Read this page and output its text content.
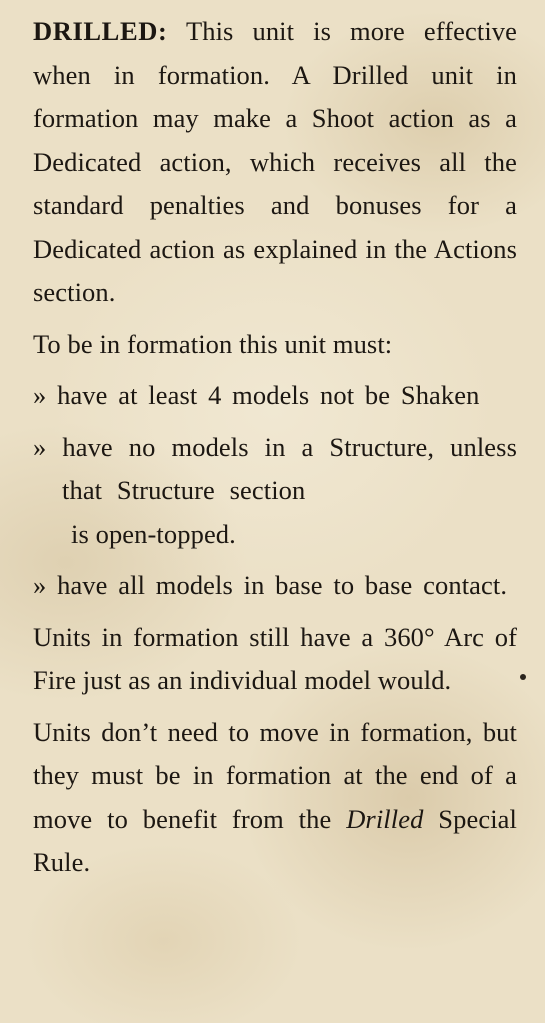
DRILLED: This unit is more effective when in formation. A Drilled unit in formation may make a Shoot action as a Dedicated action, which receives all the standard penalties and bonuses for a Dedicated action as explained in the Actions section.

To be in formation this unit must:

» have at least 4 models not be Shaken

» have no models in a Structure, unless that Structure section
is open-topped.

» have all models in base to base contact.

Units in formation still have a 360° Arc of Fire just as an individual model would.

Units don’t need to move in formation, but they must be in formation at the end of a move to benefit from the Drilled Special Rule.
